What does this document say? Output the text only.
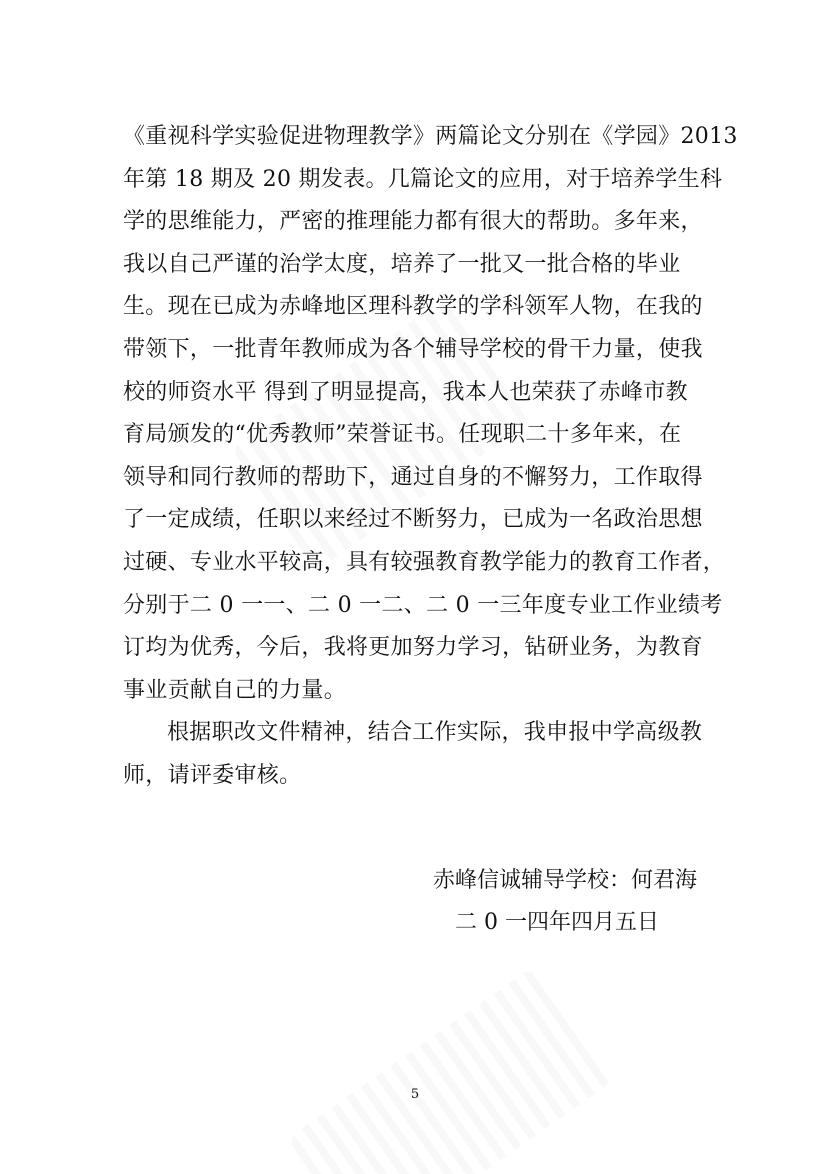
《重视科学实验促进物理教学》两篇论文分别在《学园》2013
年第 18 期及 20 期发表。几篇论文的应用，对于培养学生科
学的思维能力，严密的推理能力都有很大的帮助。多年来，
我以自己严谨的治学太度，培养了一批又一批合格的毕业
生。现在已成为赤峰地区理科教学的学科领军人物，在我的
带领下，一批青年教师成为各个辅导学校的骨干力量，使我
校的师资水平 得到了明显提高，我本人也荣获了赤峰市教
育局颁发的“优秀教师”荣誉证书。任现职二十多年来，在
领导和同行教师的帮助下，通过自身的不懈努力，工作取得
了一定成绩，任职以来经过不断努力，已成为一名政治思想
过硬、专业水平较高，具有较强教育教学能力的教育工作者，
分别于二 0 一一、二 0 一二、二 0 一三年度专业工作业绩考
订均为优秀，今后，我将更加努力学习，钻研业务，为教育
事业贡献自己的力量。
根据职改文件精神，结合工作实际，我申报中学高级教
师，请评委审核。
赤峰信诚辅导学校：何君海
二 0 一四年四月五日
5
